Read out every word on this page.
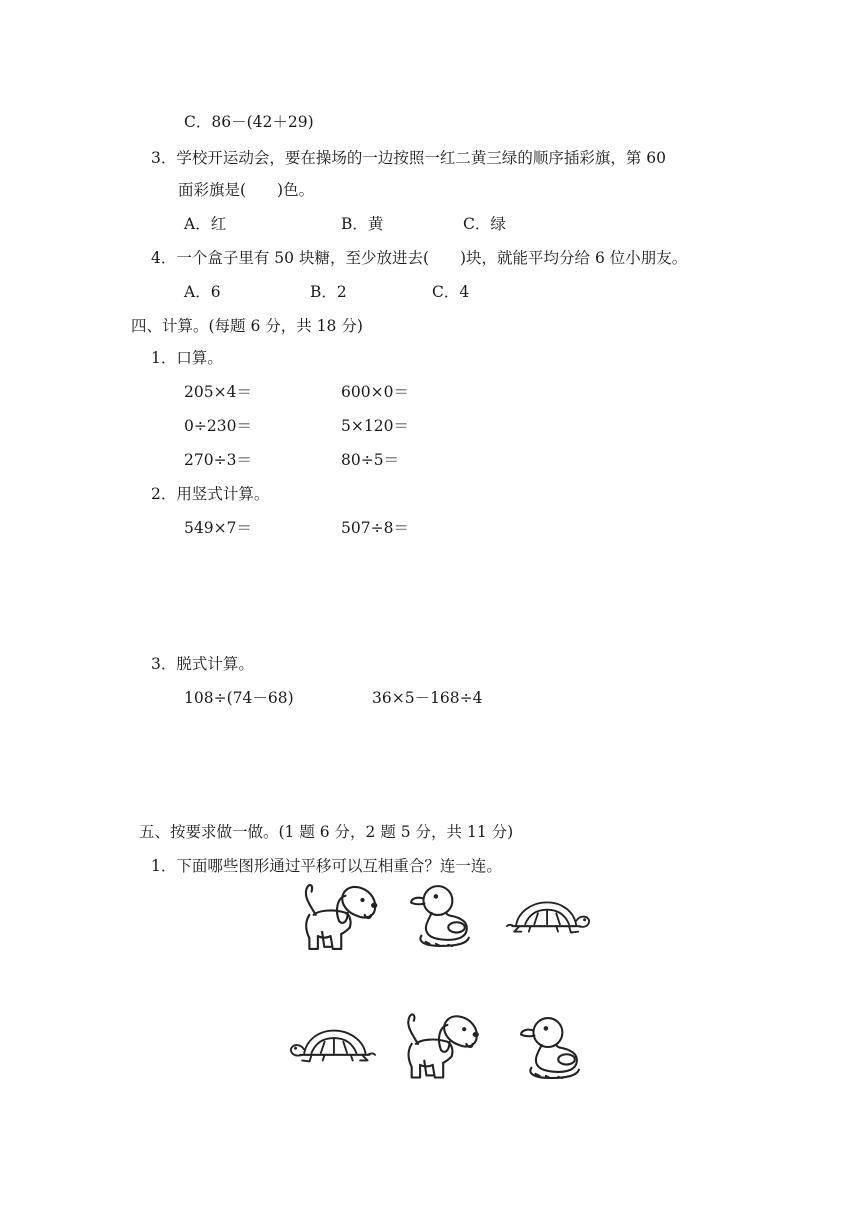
C．86－(42＋29)
3．学校开运动会，要在操场的一边按照一红二黄三绿的顺序插彩旗，第 60
面彩旗是(　　)色。
A．红	B．黄	C．绿
4．一个盒子里有 50 块糖，至少放进去(　　)块，就能平均分给 6 位小朋友。
A．6	B．2	C．4
四、计算。(每题 6 分，共 18 分)
1．口算。
205×4＝	600×0＝
0÷230＝	5×120＝
270÷3＝	80÷5＝
2．用竖式计算。
549×7＝	507÷8＝
3．脱式计算。
108÷(74－68)	36×5－168÷4
五、按要求做一做。(1 题 6 分，2 题 5 分，共 11 分)
1．下面哪些图形通过平移可以互相重合？连一连。
